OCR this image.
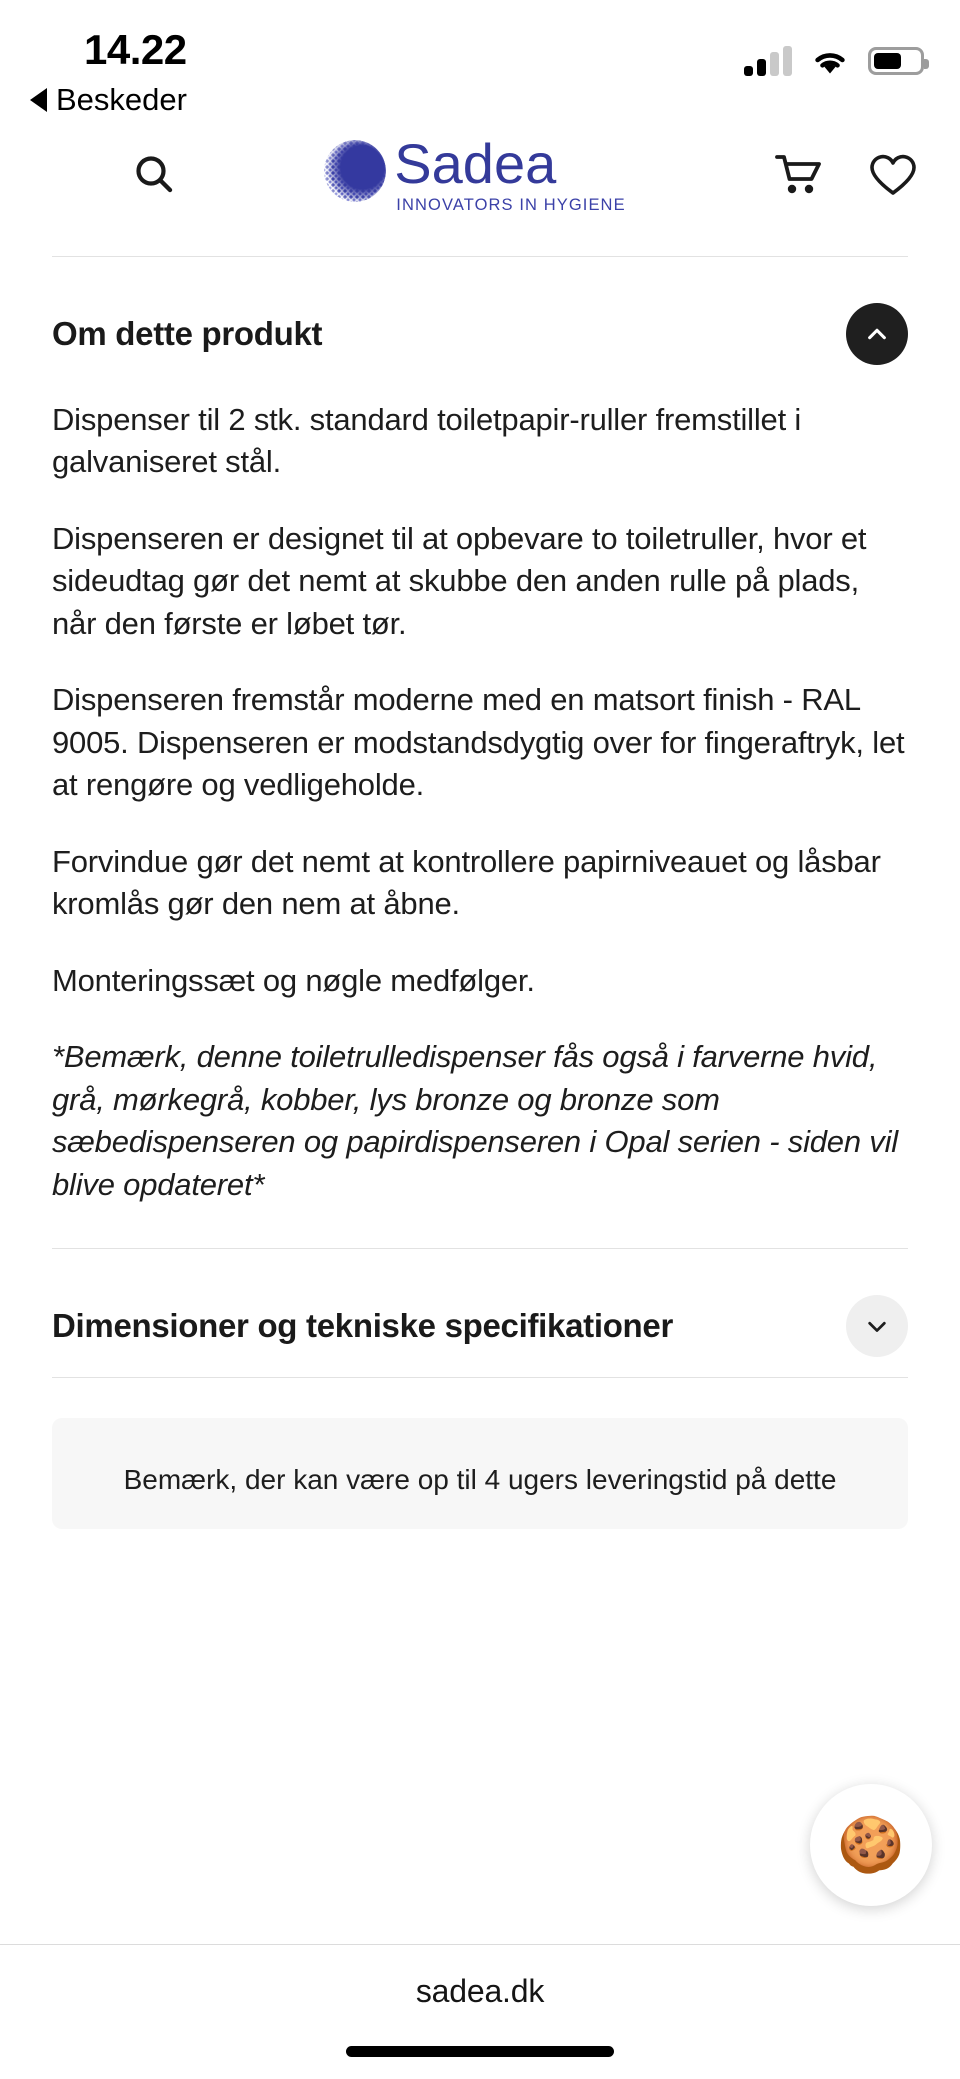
14.22
Beskeder
Sadea
INNOVATORS IN HYGIENE
Om dette produkt

Dispenser til 2 stk. standard toiletpapir-ruller fremstillet i galvaniseret stål.

Dispenseren er designet til at opbevare to toiletruller, hvor et sideudtag gør det nemt at skubbe den anden rulle på plads, når den første er løbet tør.

Dispenseren fremstår moderne med en matsort finish - RAL 9005. Dispenseren er modstandsdygtig over for fingeraftryk, let at rengøre og vedligeholde.

Forvindue gør det nemt at kontrollere papirniveauet og låsbar kromlås gør den nem at åbne.

Monteringssæt og nøgle medfølger.

*Bemærk, denne toiletrulledispenser fås også i farverne hvid, grå, mørkegrå, kobber, lys bronze og bronze som sæbedispenseren og papirdispenseren i Opal serien - siden vil blive opdateret*

Dimensioner og tekniske specifikationer
Bemærk, der kan være op til 4 ugers leveringstid på dette
🍪
sadea.dk
